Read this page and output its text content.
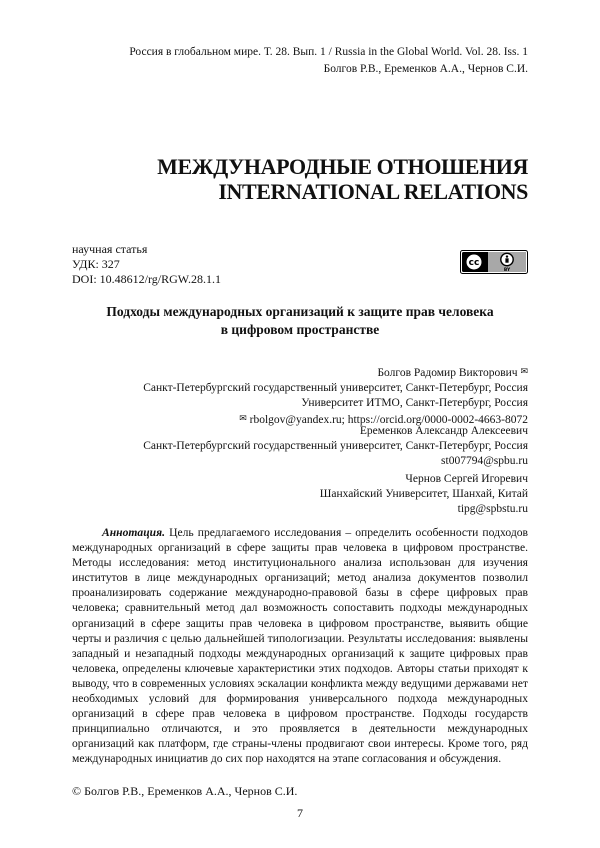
Россия в глобальном мире. Т. 28. Вып. 1 / Russia in the Global World. Vol. 28. Iss. 1
Болгов Р.В., Еременков А.А., Чернов С.И.
МЕЖДУНАРОДНЫЕ ОТНОШЕНИЯ
INTERNATIONAL RELATIONS
научная статья
УДК: 327
DOI: 10.48612/rg/RGW.28.1.1
cc
BY
Подходы международных организаций к защите прав человека
в цифровом пространстве
Болгов Радомир Викторович ✉
Санкт-Петербургский государственный университет, Санкт-Петербург, Россия
Университет ИТМО, Санкт-Петербург, Россия
✉ rbolgov@yandex.ru; https://orcid.org/0000-0002-4663-8072
Еременков Александр Алексеевич
Санкт-Петербургский государственный университет, Санкт-Петербург, Россия
st007794@spbu.ru
Чернов Сергей Игоревич
Шанхайский Университет, Шанхай, Китай
tipg@spbstu.ru

Аннотация. Цель предлагаемого исследования – определить особенности подходов международных организаций в сфере защиты прав человека в цифровом пространстве. Методы исследования: метод институционального анализа использован для изучения институтов в лице международных организаций; метод анализа документов позволил проанализировать содержание международно-правовой базы в сфере цифровых прав человека; сравнительный метод дал возможность сопоставить подходы международных организаций в сфере защиты прав человека в цифровом пространстве, выявить общие черты и различия с целью дальнейшей типологизации. Результаты исследования: выявлены западный и незападный подходы международных организаций к защите цифровых прав человека, определены ключевые характеристики этих подходов. Авторы статьи приходят к выводу, что в современных условиях эскалации конфликта между ведущими державами нет необходимых условий для формирования универсального подхода международных организаций в сфере прав человека в цифровом пространстве. Подходы государств принципиально отличаются, и это проявляется в деятельности международных организаций как платформ, где страны-члены продвигают свои интересы. Кроме того, ряд международных инициатив до сих пор находятся на этапе согласования и обсуждения.

© Болгов Р.В., Еременков А.А., Чернов С.И.
7
